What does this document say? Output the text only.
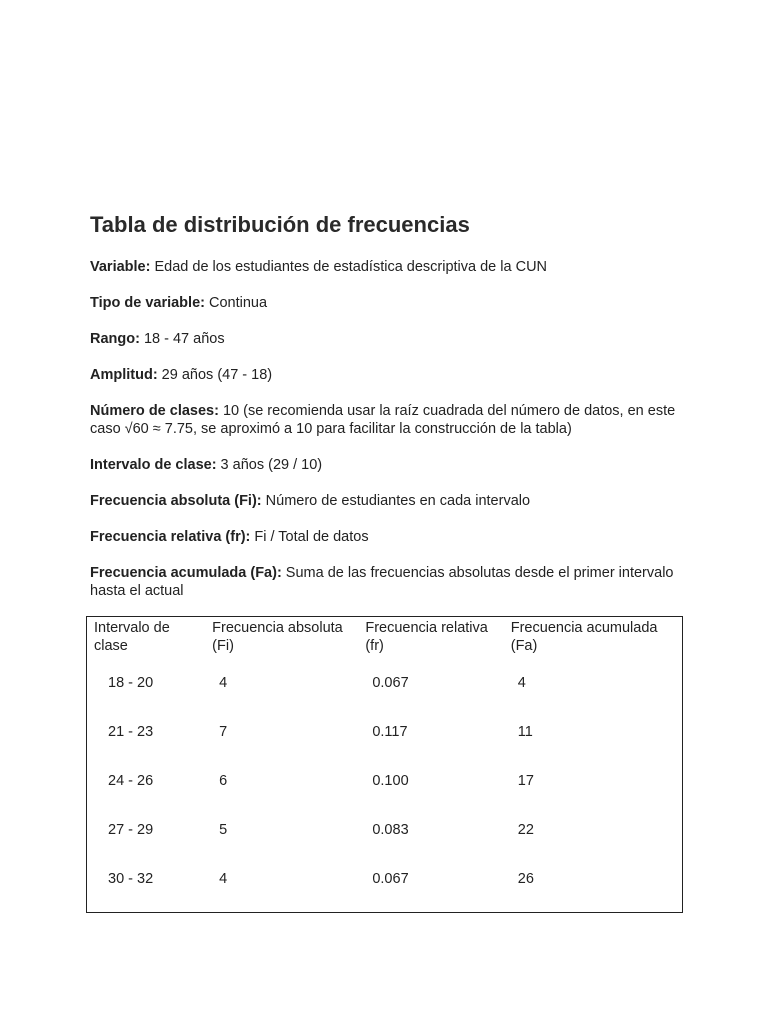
Tabla de distribución de frecuencias

Variable: Edad de los estudiantes de estadística descriptiva de la CUN

Tipo de variable: Continua

Rango: 18 - 47 años

Amplitud: 29 años (47 - 18)

Número de clases: 10 (se recomienda usar la raíz cuadrada del número de datos, en este caso √60 ≈ 7.75, se aproximó a 10 para facilitar la construcción de la tabla)

Intervalo de clase: 3 años (29 / 10)

Frecuencia absoluta (Fi): Número de estudiantes en cada intervalo

Frecuencia relativa (fr): Fi / Total de datos

Frecuencia acumulada (Fa): Suma de las frecuencias absolutas desde el primer intervalo hasta el actual

Intervalo de clase	Frecuencia absoluta (Fi)	Frecuencia relativa (fr)	Frecuencia acumulada (Fa)

18 - 20	4	0.067	4

21 - 23	7	0.117	11

24 - 26	6	0.100	17

27 - 29	5	0.083	22

30 - 32	4	0.067	26
